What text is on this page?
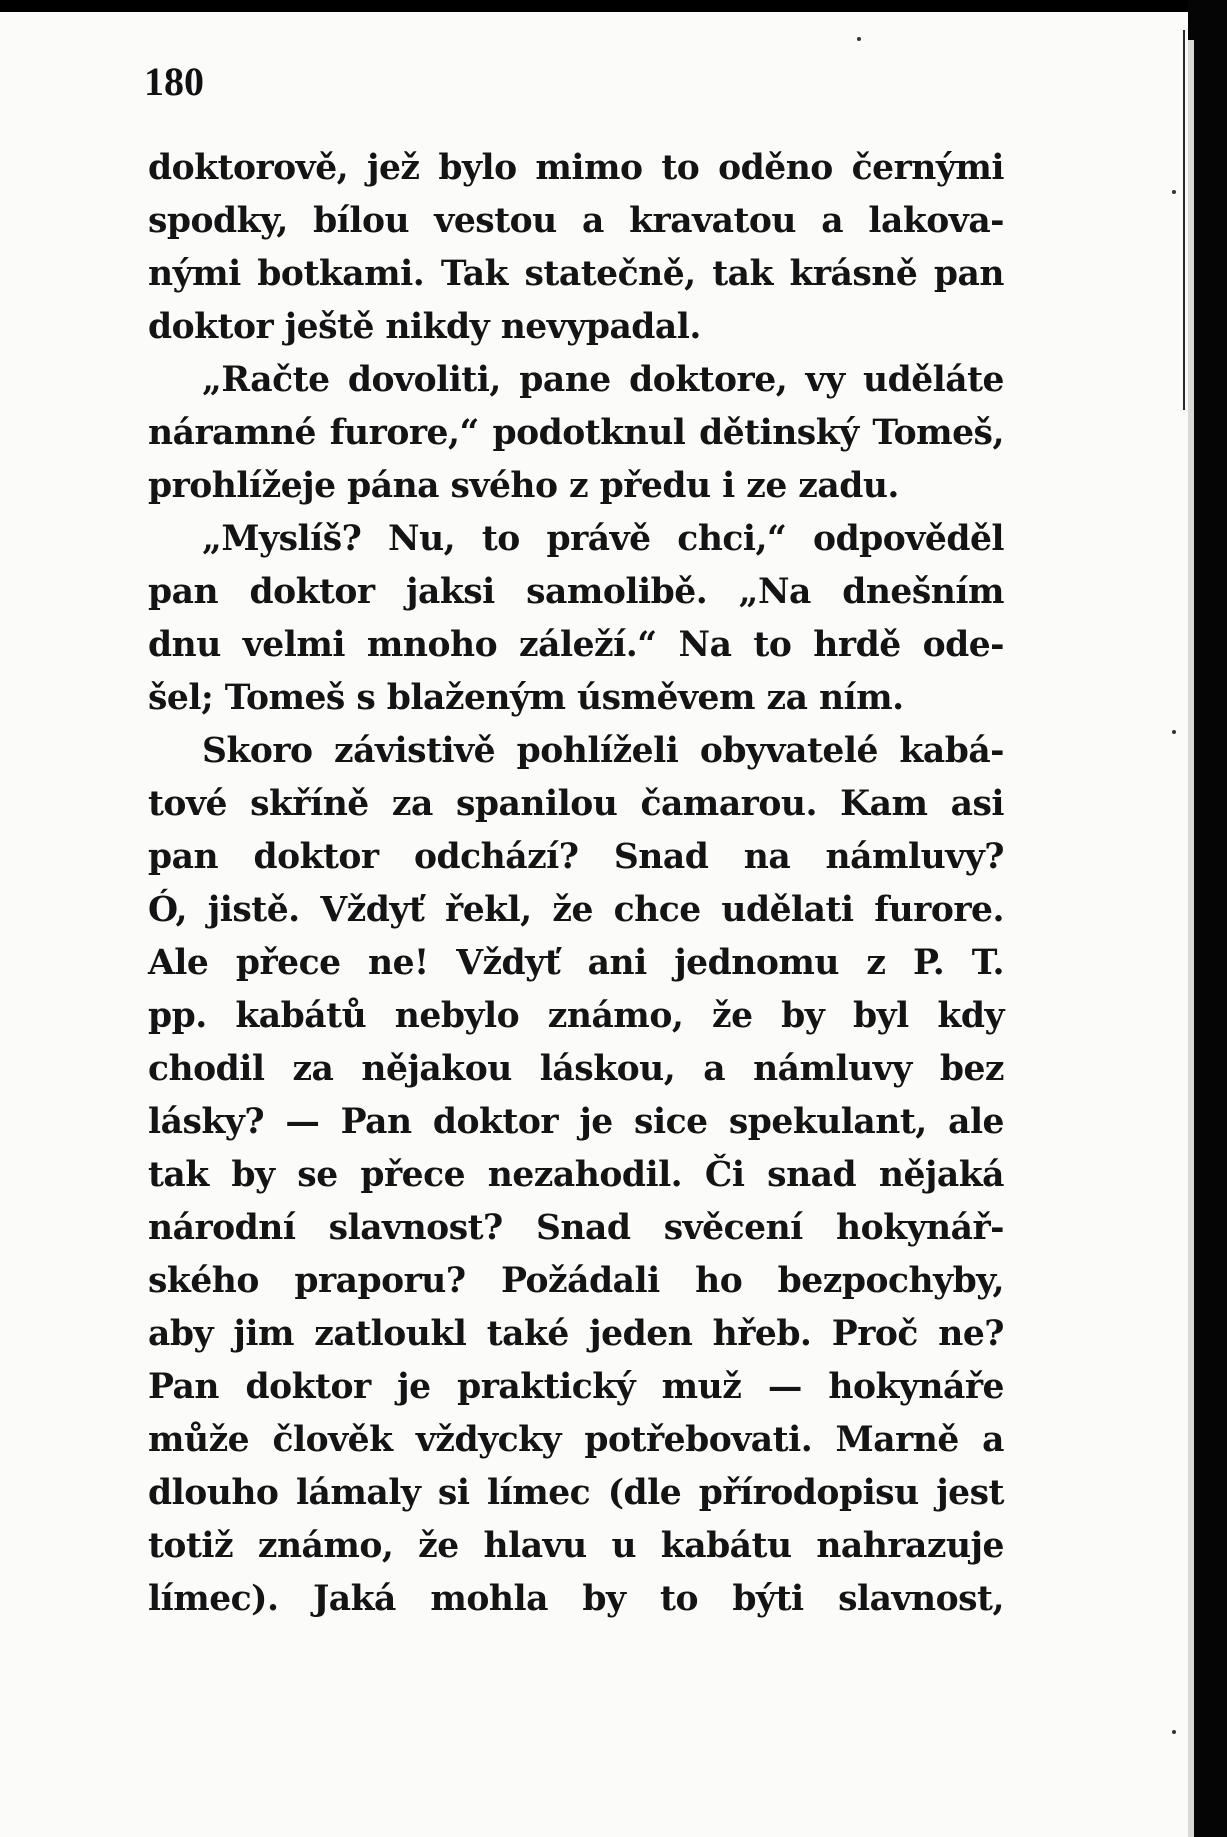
180
doktorově, jež bylo mimo to oděno černými
spodky, bílou vestou a kravatou a lakova-
nými botkami. Tak statečně, tak krásně pan
doktor ještě nikdy nevypadal.
„Račte dovoliti, pane doktore, vy uděláte
náramné furore,“ podotknul dětinský Tomeš,
prohlížeje pána svého z předu i ze zadu.
„Myslíš? Nu, to právě chci,“ odpověděl
pan doktor jaksi samolibě. „Na dnešním
dnu velmi mnoho záleží.“ Na to hrdě ode-
šel; Tomeš s blaženým úsměvem za ním.
Skoro závistivě pohlíželi obyvatelé kabá-
tové skříně za spanilou čamarou. Kam asi
pan doktor odchází? Snad na námluvy?
Ó, jistě. Vždyť řekl, že chce udělati furore.
Ale přece ne! Vždyť ani jednomu z P. T.
pp. kabátů nebylo známo, že by byl kdy
chodil za nějakou láskou, a námluvy bez
lásky? — Pan doktor je sice spekulant, ale
tak by se přece nezahodil. Či snad nějaká
národní slavnost? Snad svěcení hokynář-
ského praporu? Požádali ho bezpochyby,
aby jim zatloukl také jeden hřeb. Proč ne?
Pan doktor je praktický muž — hokynáře
může člověk vždycky potřebovati. Marně a
dlouho lámaly si límec (dle přírodopisu jest
totiž známo, že hlavu u kabátu nahrazuje
límec). Jaká mohla by to býti slavnost,
